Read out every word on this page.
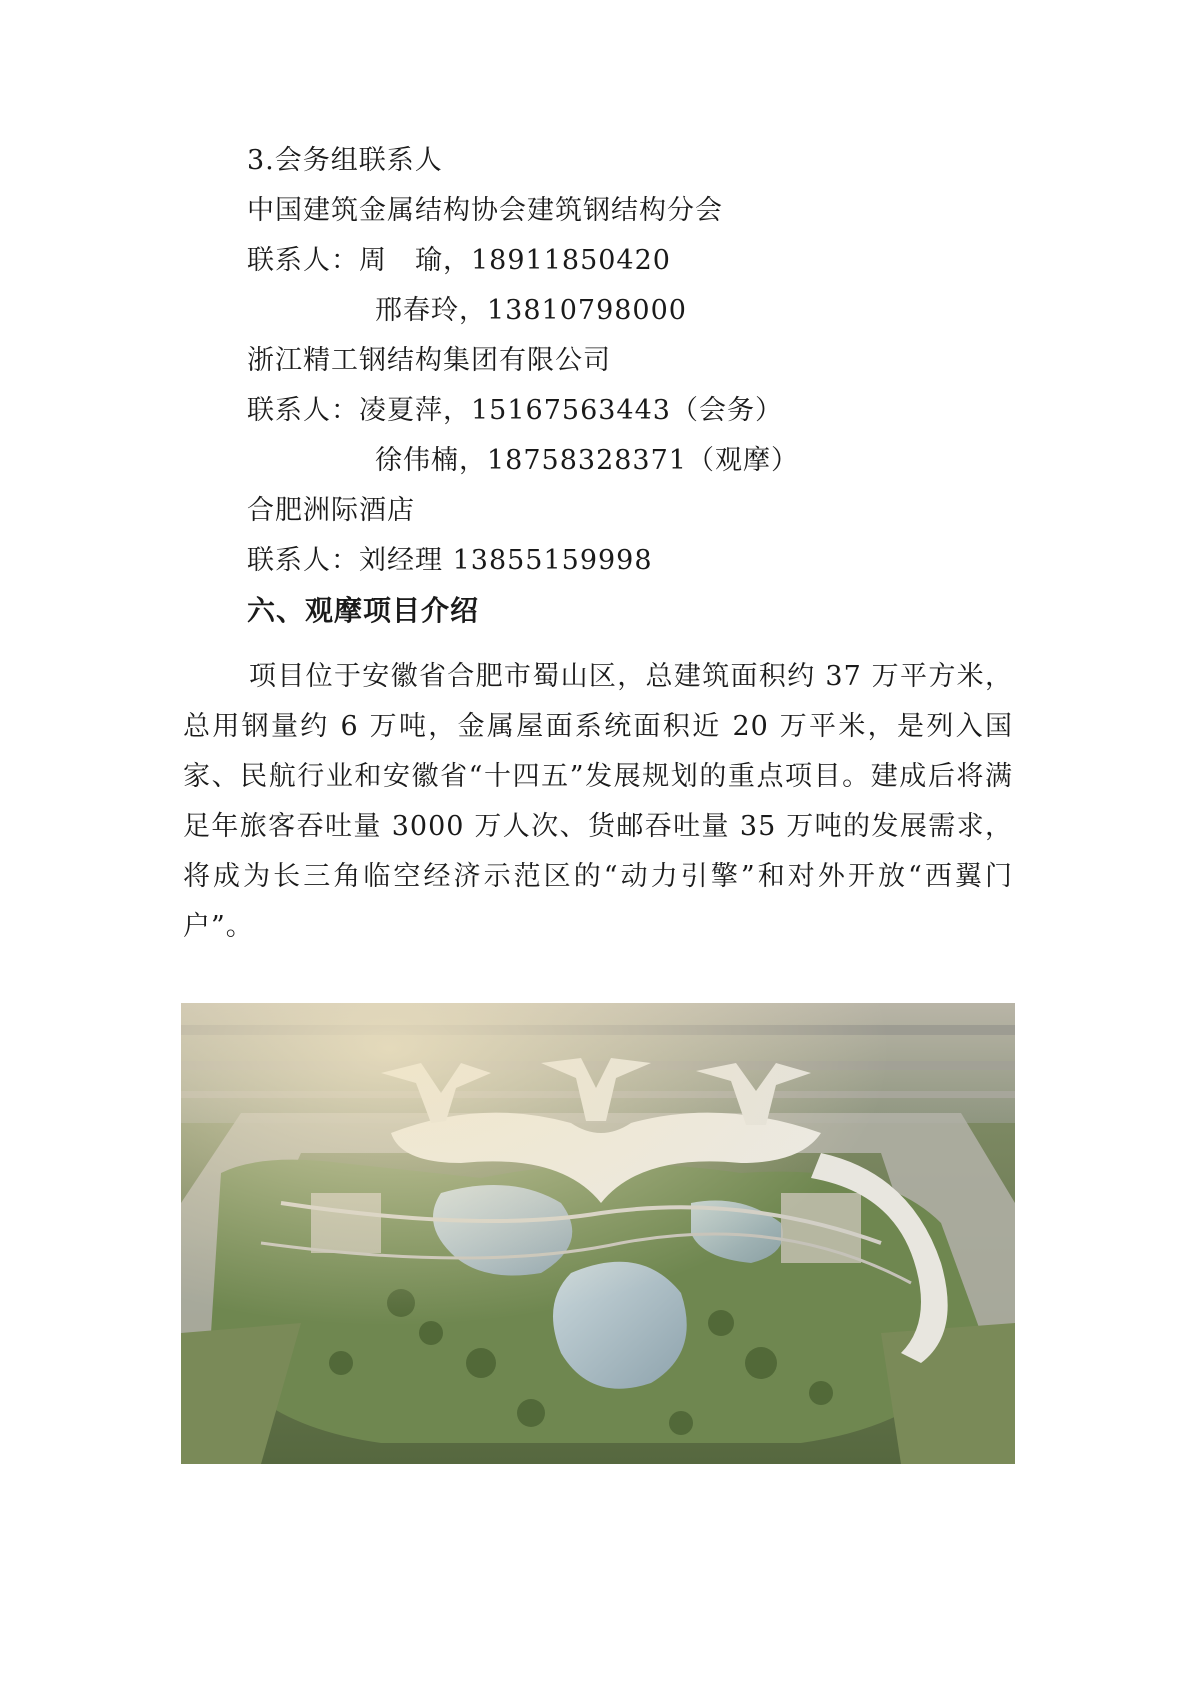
3.会务组联系人
中国建筑金属结构协会建筑钢结构分会
联系人：周　瑜，18911850420
邢春玲，13810798000
浙江精工钢结构集团有限公司
联系人：凌夏萍，15167563443（会务）
徐伟楠，18758328371（观摩）
合肥洲际酒店
联系人：刘经理 13855159998
六、观摩项目介绍
项目位于安徽省合肥市蜀山区，总建筑面积约 37 万平方米，总用钢量约 6 万吨，金属屋面系统面积近 20 万平米，是列入国家、民航行业和安徽省“十四五”发展规划的重点项目。建成后将满足年旅客吞吐量 3000 万人次、货邮吞吐量 35 万吨的发展需求，将成为长三角临空经济示范区的“动力引擎”和对外开放“西翼门户”。
